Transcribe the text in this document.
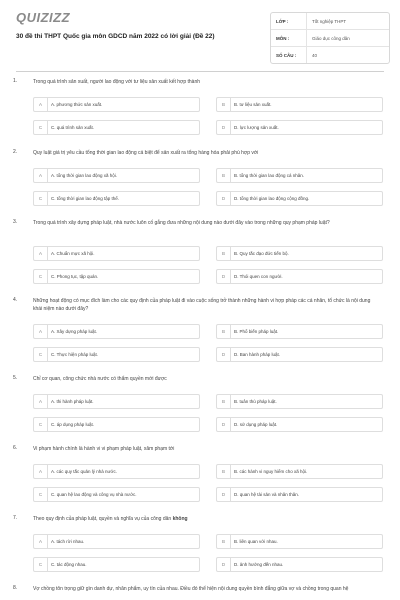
QUIZIZZ
30 đề thi THPT Quốc gia môn GDCD năm 2022 có lời giải (Đề 22)
LỚP :	Tốt nghiệp THPT
MÔN :	Giáo dục công dân
SỐ CÂU :	40
1.	Trong quá trình sản xuất, người lao động với tư liệu sản xuất kết hợp thành
A	A. phương thức sản xuất.	B	B. tư liệu sản xuất.
C	C. quá trình sản xuất.	D	D. lực lượng sản xuất.
2.	Quy luật giá trị yêu cầu tổng thời gian lao động cá biệt để sản xuất ra tổng hàng hóa phải phù hợp với
A	A. tổng thời gian lao động xã hội.	B	B. tổng thời gian lao động cá nhân.
C	C. tổng thời gian lao động tập thể.	D	D. tổng thời gian lao động cộng đồng.
3.	Trong quá trình xây dựng pháp luật, nhà nước luôn cố gắng đưa những nội dung nào dưới đây vào trong những quy phạm pháp luật?
A	A. Chuẩn mực xã hội.	B	B. Quy tắc đạo đức tiến bộ.
C	C. Phong tục, tập quán.	D	D. Thói quen con người.
4.	Những hoạt động có mục đích làm cho các quy định của pháp luật đi vào cuộc sống trở thành những hành vi hợp pháp các cá nhân, tổ chức là nội dung khái niệm nào dưới đây?
A	A. Xây dựng pháp luật.	B	B. Phổ biến pháp luật.
C	C. Thực hiện pháp luật.	D	D. Ban hành pháp luật.
5.	Chỉ cơ quan, công chức nhà nước có thẩm quyền mới được
A	A. thi hành pháp luật.	B	B. tuân thủ pháp luật.
C	C. áp dụng pháp luật.	D	D. sử dụng pháp luật.
6.	Vi phạm hành chính là hành vi vi phạm pháp luật, xâm phạm tới
A	A. các quy tắc quản lý nhà nước.	B	B. các hành vi nguy hiểm cho xã hội.
C	C. quan hệ lao động và công vụ nhà nước.	D	D. quan hệ tài sản và nhân thân.
7.	Theo quy định của pháp luật, quyền và nghĩa vụ của công dân không
A	A. tách rời nhau.	B	B. liên quan với nhau.
C	C. tác động nhau.	D	D. ảnh hưởng đến nhau.
8.	Vợ chồng tôn trọng giữ gìn danh dự, nhân phẩm, uy tín của nhau. Điều đó thể hiện nội dung quyền bình đẳng giữa vợ và chồng trong quan hệ
